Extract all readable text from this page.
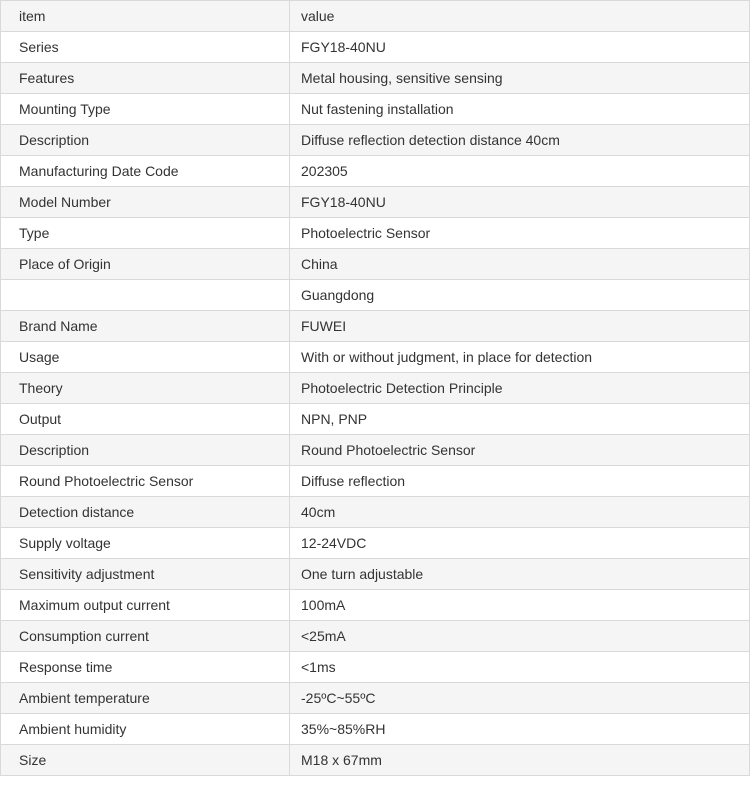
item	value
Series	FGY18-40NU
Features	Metal housing, sensitive sensing
Mounting Type	Nut fastening installation
Description	Diffuse reflection detection distance 40cm
Manufacturing Date Code	202305
Model Number	FGY18-40NU
Type	Photoelectric Sensor
Place of Origin	China
	Guangdong
Brand Name	FUWEI
Usage	With or without judgment, in place for detection
Theory	Photoelectric Detection Principle
Output	NPN, PNP
Description	Round Photoelectric Sensor
Round Photoelectric Sensor	Diffuse reflection
Detection distance	40cm
Supply voltage	12-24VDC
Sensitivity adjustment	One turn adjustable
Maximum output current	100mA
Consumption current	<25mA
Response time	<1ms
Ambient temperature	-25ºC~55ºC
Ambient humidity	35%~85%RH
Size	M18 x 67mm
